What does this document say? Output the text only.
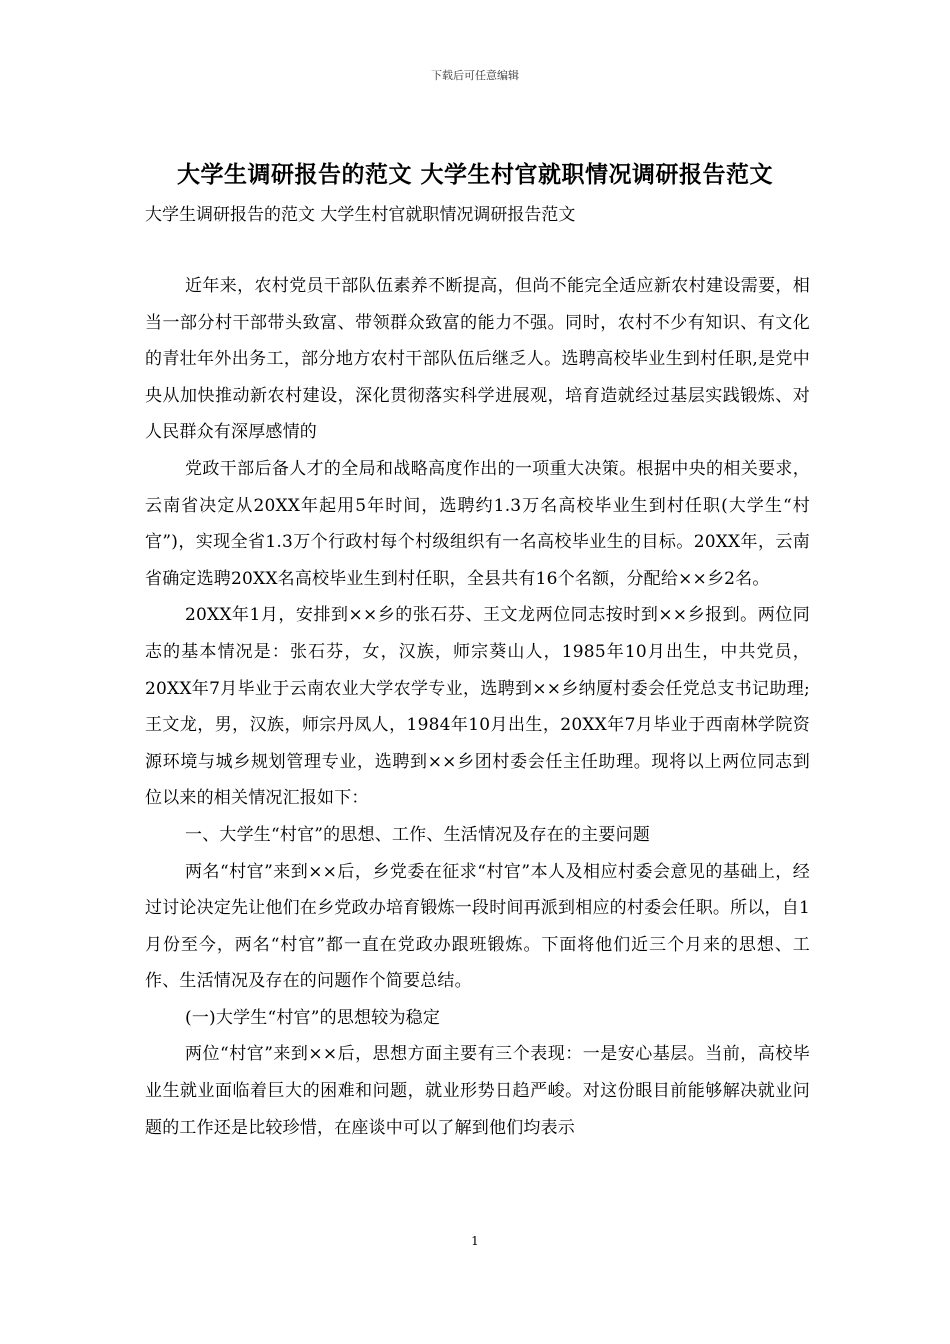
下载后可任意编辑
大学生调研报告的范文 大学生村官就职情况调研报告范文
大学生调研报告的范文 大学生村官就职情况调研报告范文

近年来，农村党员干部队伍素养不断提高，但尚不能完全适应新农村建设需要，相当一部分村干部带头致富、带领群众致富的能力不强。同时，农村不少有知识、有文化的青壮年外出务工，部分地方农村干部队伍后继乏人。选聘高校毕业生到村任职,是党中央从加快推动新农村建设，深化贯彻落实科学进展观，培育造就经过基层实践锻炼、对人民群众有深厚感情的

党政干部后备人才的全局和战略高度作出的一项重大决策。根据中央的相关要求，云南省决定从20XX年起用5年时间，选聘约1.3万名高校毕业生到村任职(大学生“村官”)，实现全省1.3万个行政村每个村级组织有一名高校毕业生的目标。20XX年，云南省确定选聘20XX名高校毕业生到村任职，全县共有16个名额，分配给××乡2名。

20XX年1月，安排到××乡的张石芬、王文龙两位同志按时到××乡报到。两位同志的基本情况是：张石芬，女，汉族，师宗葵山人，1985年10月出生，中共党员，20XX年7月毕业于云南农业大学农学专业，选聘到××乡纳厦村委会任党总支书记助理;王文龙，男，汉族，师宗丹凤人，1984年10月出生，20XX年7月毕业于西南林学院资源环境与城乡规划管理专业，选聘到××乡团村委会任主任助理。现将以上两位同志到位以来的相关情况汇报如下：

一、大学生“村官”的思想、工作、生活情况及存在的主要问题

两名“村官”来到××后，乡党委在征求“村官”本人及相应村委会意见的基础上，经过讨论决定先让他们在乡党政办培育锻炼一段时间再派到相应的村委会任职。所以，自1月份至今，两名“村官”都一直在党政办跟班锻炼。下面将他们近三个月来的思想、工作、生活情况及存在的问题作个简要总结。

(一)大学生“村官”的思想较为稳定

两位“村官”来到××后，思想方面主要有三个表现：一是安心基层。当前，高校毕业生就业面临着巨大的困难和问题，就业形势日趋严峻。对这份眼目前能够解决就业问题的工作还是比较珍惜，在座谈中可以了解到他们均表示

1
